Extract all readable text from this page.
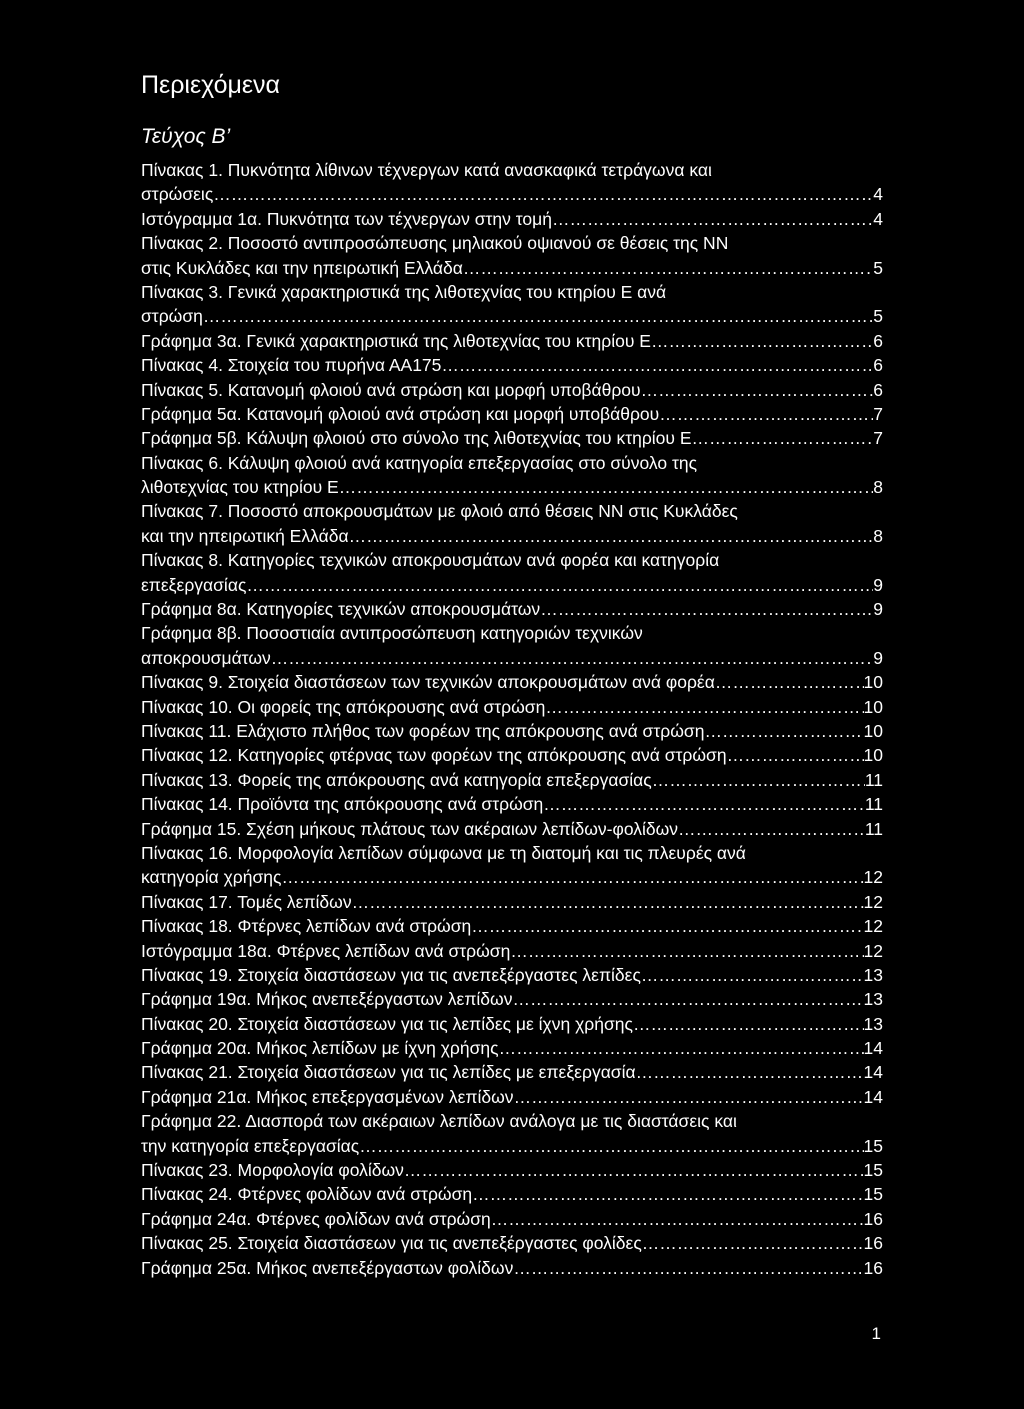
Περιεχόμενα
Τεύχος Β’
Πίνακας 1. Πυκνότητα λίθινων τέχνεργων κατά ανασκαφικά τετράγωνα και
στρώσεις ………………………………………………………………………………………………………………………………………………………………………………………………………………………………………………………………………………………	4
Ιστόγραμμα 1α. Πυκνότητα των τέχνεργων στην τομή ………………………………………………………………………………………………………………………………………………………………………………………………………………………………………………………………………………………	4
Πίνακας 2. Ποσοστό αντιπροσώπευσης μηλιακού οψιανού σε θέσεις της ΝΝ
στις Κυκλάδες και την ηπειρωτική Ελλάδα ………………………………………………………………………………………………………………………………………………………………………………………………………………………………………………………………………………………	5
Πίνακας 3. Γενικά χαρακτηριστικά της λιθοτεχνίας του κτηρίου Ε ανά
στρώση ………………………………………………………………………………………………………………………………………………………………………………………………………………………………………………………………………………………	5
Γράφημα 3α. Γενικά χαρακτηριστικά της λιθοτεχνίας του κτηρίου Ε ………………………………………………………………………………………………………………………………………………………………………………………………………………………………………………………………………………………	6
Πίνακας 4. Στοιχεία του πυρήνα ΑΑ175 ………………………………………………………………………………………………………………………………………………………………………………………………………………………………………………………………………………………	6
Πίνακας 5. Κατανομή φλοιού ανά στρώση και μορφή υποβάθρου ………………………………………………………………………………………………………………………………………………………………………………………………………………………………………………………………………………………	6
Γράφημα 5α. Κατανομή φλοιού ανά στρώση και μορφή υποβάθρου ………………………………………………………………………………………………………………………………………………………………………………………………………………………………………………………………………………………	7
Γράφημα 5β. Κάλυψη φλοιού στο σύνολο της λιθοτεχνίας του κτηρίου Ε ………………………………………………………………………………………………………………………………………………………………………………………………………………………………………………………………………………………	7
Πίνακας 6. Κάλυψη φλοιού ανά κατηγορία επεξεργασίας στο σύνολο της
λιθοτεχνίας του κτηρίου Ε ………………………………………………………………………………………………………………………………………………………………………………………………………………………………………………………………………………………	8
Πίνακας 7. Ποσοστό αποκρουσμάτων με φλοιό από θέσεις ΝΝ στις Κυκλάδες
και την ηπειρωτική Ελλάδα ………………………………………………………………………………………………………………………………………………………………………………………………………………………………………………………………………………………	8
Πίνακας 8. Κατηγορίες τεχνικών αποκρουσμάτων ανά φορέα και κατηγορία
επεξεργασίας ………………………………………………………………………………………………………………………………………………………………………………………………………………………………………………………………………………………	9
Γράφημα 8α. Κατηγορίες τεχνικών αποκρουσμάτων ………………………………………………………………………………………………………………………………………………………………………………………………………………………………………………………………………………………	9
Γράφημα 8β. Ποσοστιαία αντιπροσώπευση κατηγοριών τεχνικών
αποκρουσμάτων ………………………………………………………………………………………………………………………………………………………………………………………………………………………………………………………………………………………	9
Πίνακας 9. Στοιχεία διαστάσεων των τεχνικών αποκρουσμάτων ανά φορέα ………………………………………………………………………………………………………………………………………………………………………………………………………………………………………………………………………………………	10
Πίνακας 10. Οι φορείς της απόκρουσης ανά στρώση ………………………………………………………………………………………………………………………………………………………………………………………………………………………………………………………………………………………	10
Πίνακας 11. Ελάχιστο πλήθος των φορέων της απόκρουσης ανά στρώση ………………………………………………………………………………………………………………………………………………………………………………………………………………………………………………………………………………………	10
Πίνακας 12. Κατηγορίες φτέρνας των φορέων της απόκρουσης ανά στρώση ………………………………………………………………………………………………………………………………………………………………………………………………………………………………………………………………………………………	10
Πίνακας 13. Φορείς της απόκρουσης ανά κατηγορία επεξεργασίας ………………………………………………………………………………………………………………………………………………………………………………………………………………………………………………………………………………………	11
Πίνακας 14. Προϊόντα της απόκρουσης ανά στρώση ………………………………………………………………………………………………………………………………………………………………………………………………………………………………………………………………………………………	11
Γράφημα 15. Σχέση μήκους πλάτους των ακέραιων λεπίδων-φολίδων ………………………………………………………………………………………………………………………………………………………………………………………………………………………………………………………………………………………	11
Πίνακας 16. Μορφολογία λεπίδων σύμφωνα με τη διατομή και τις πλευρές ανά
κατηγορία χρήσης ………………………………………………………………………………………………………………………………………………………………………………………………………………………………………………………………………………………	12
Πίνακας 17. Τομές λεπίδων ………………………………………………………………………………………………………………………………………………………………………………………………………………………………………………………………………………………	12
Πίνακας 18. Φτέρνες λεπίδων ανά στρώση ………………………………………………………………………………………………………………………………………………………………………………………………………………………………………………………………………………………	12
Ιστόγραμμα 18α. Φτέρνες λεπίδων ανά στρώση ………………………………………………………………………………………………………………………………………………………………………………………………………………………………………………………………………………………	12
Πίνακας 19. Στοιχεία διαστάσεων για τις ανεπεξέργαστες λεπίδες ………………………………………………………………………………………………………………………………………………………………………………………………………………………………………………………………………………………	13
Γράφημα 19α. Μήκος ανεπεξέργαστων λεπίδων ………………………………………………………………………………………………………………………………………………………………………………………………………………………………………………………………………………………	13
Πίνακας 20. Στοιχεία διαστάσεων για τις λεπίδες με ίχνη χρήσης ………………………………………………………………………………………………………………………………………………………………………………………………………………………………………………………………………………………	13
Γράφημα 20α. Μήκος λεπίδων με ίχνη χρήσης ………………………………………………………………………………………………………………………………………………………………………………………………………………………………………………………………………………………	14
Πίνακας 21. Στοιχεία διαστάσεων για τις λεπίδες με επεξεργασία ………………………………………………………………………………………………………………………………………………………………………………………………………………………………………………………………………………………	14
Γράφημα 21α. Μήκος επεξεργασμένων λεπίδων ………………………………………………………………………………………………………………………………………………………………………………………………………………………………………………………………………………………	14
Γράφημα 22. Διασπορά των ακέραιων λεπίδων ανάλογα με τις διαστάσεις και
την κατηγορία επεξεργασίας ………………………………………………………………………………………………………………………………………………………………………………………………………………………………………………………………………………………	15
Πίνακας 23. Μορφολογία φολίδων ………………………………………………………………………………………………………………………………………………………………………………………………………………………………………………………………………………………	15
Πίνακας 24. Φτέρνες φολίδων ανά στρώση ………………………………………………………………………………………………………………………………………………………………………………………………………………………………………………………………………………………	15
Γράφημα 24α. Φτέρνες φολίδων ανά στρώση ………………………………………………………………………………………………………………………………………………………………………………………………………………………………………………………………………………………	16
Πίνακας 25. Στοιχεία διαστάσεων για τις ανεπεξέργαστες φολίδες ………………………………………………………………………………………………………………………………………………………………………………………………………………………………………………………………………………………	16
Γράφημα 25α. Μήκος ανεπεξέργαστων φολίδων ………………………………………………………………………………………………………………………………………………………………………………………………………………………………………………………………………………………	16
1
